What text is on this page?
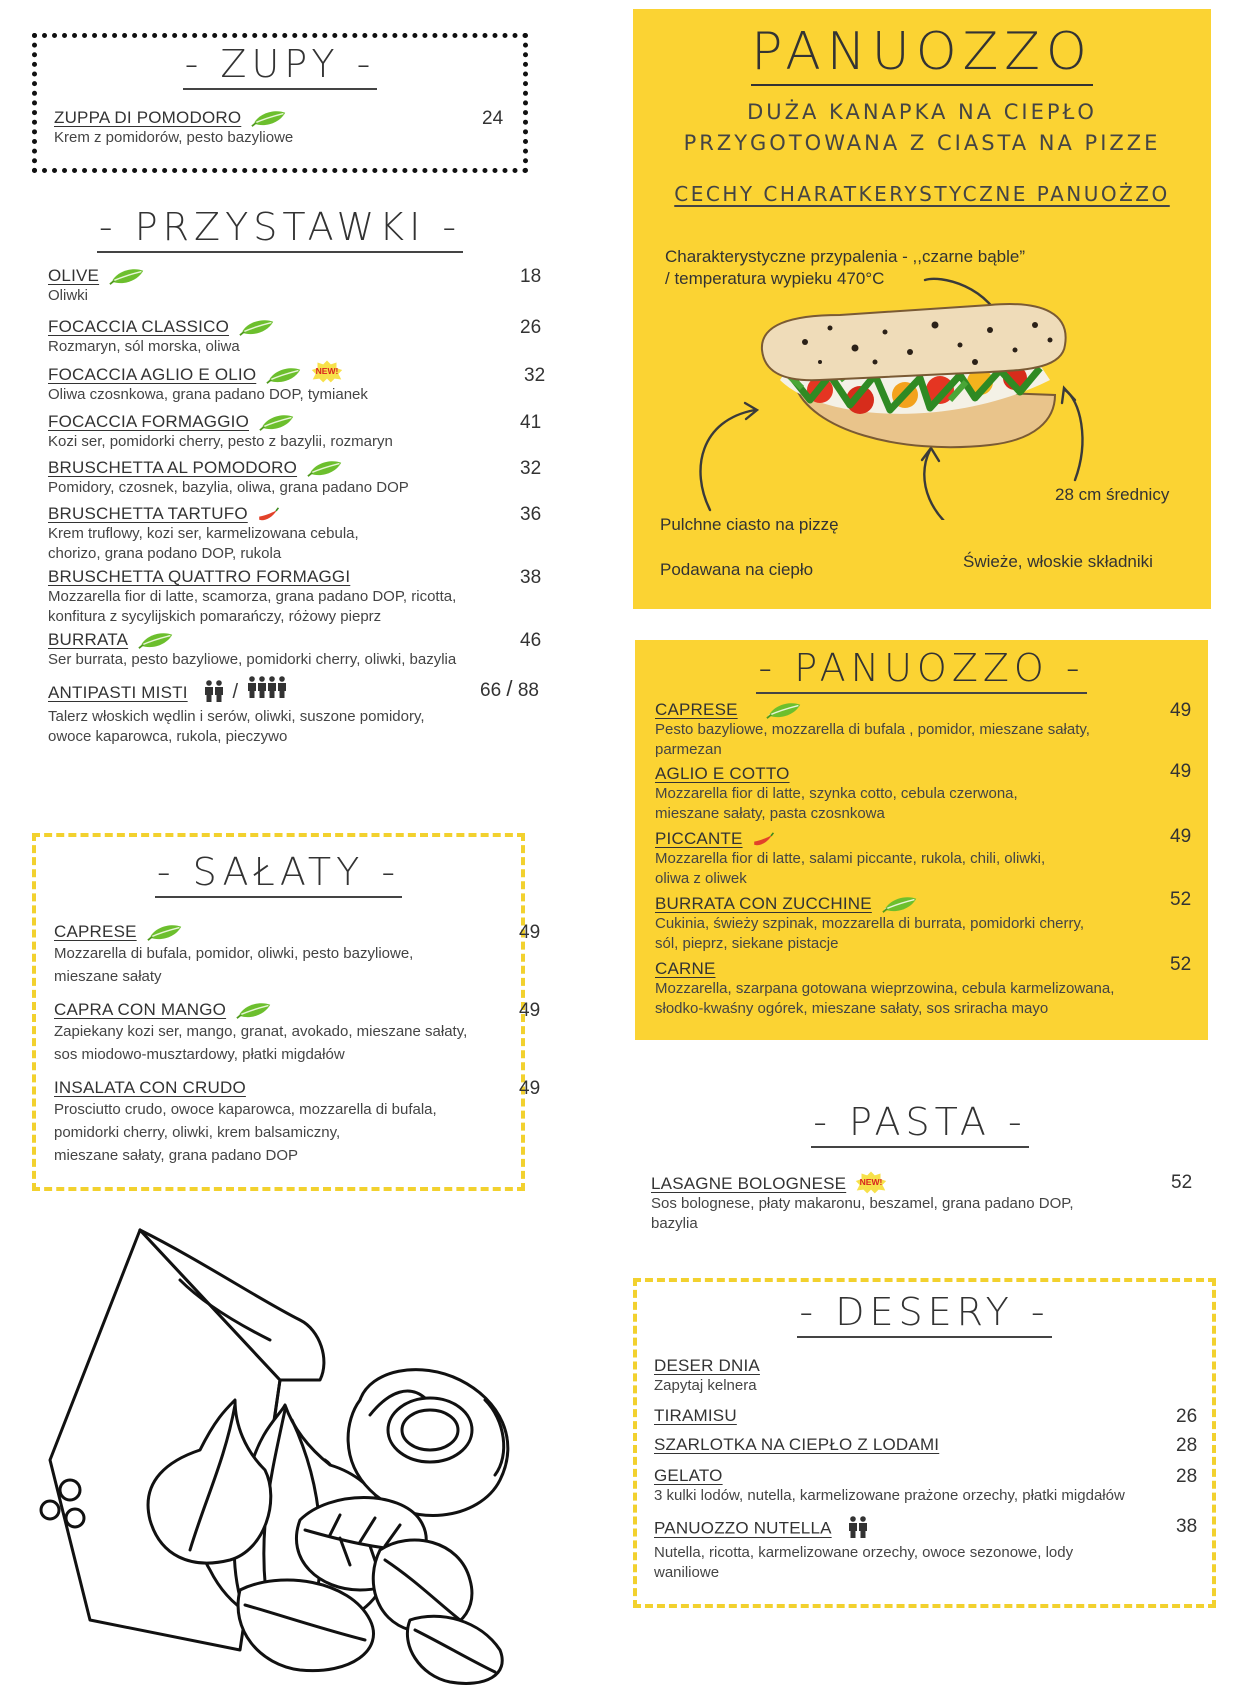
- ZUPY -
ZUPPA DI POMODORO
Krem z pomidorów, pesto bazyliowe
24
- PRZYSTAWKI -
OLIVE
Oliwki
18
FOCACCIA CLASSICO
Rozmaryn, sól morska, oliwa
26
FOCACCIA AGLIO E OLIO
Oliwa czosnkowa, grana padano DOP, tymianek
32
FOCACCIA FORMAGGIO
Kozi ser, pomidorki cherry, pesto z bazylii, rozmaryn
41
BRUSCHETTA AL POMODORO
Pomidory, czosnek, bazylia, oliwa, grana padano DOP
32
BRUSCHETTA TARTUFO
Krem truflowy, kozi ser, karmelizowana cebula,
chorizo, grana podano DOP, rukola
36
BRUSCHETTA QUATTRO FORMAGGI
Mozzarella fior di latte, scamorza, grana padano DOP, ricotta,
konfitura z sycylijskich pomarańczy, różowy pieprz
38
BURRATA
Ser burrata, pesto bazyliowe, pomidorki cherry, oliwki, bazylia
46
ANTIPASTI MISTI /
Talerz włoskich wędlin i serów, oliwki, suszone pomidory,
owoce kaparowca, rukola, pieczywo
66 / 88
- SAŁATY -
CAPRESE
Mozzarella di bufala, pomidor, oliwki, pesto bazyliowe,
mieszane sałaty
49
CAPRA CON MANGO
Zapiekany kozi ser, mango, granat, avokado, mieszane sałaty,
sos miodowo-musztardowy, płatki migdałów
49
INSALATA CON CRUDO
Prosciutto crudo, owoce kaparowca, mozzarella di bufala,
pomidorki cherry, oliwki, krem balsamiczny,
mieszane sałaty, grana padano DOP
49
PANUOZZO
DUŻA KANAPKA NA CIEPŁO
PRZYGOTOWANA Z CIASTA NA PIZZE
CECHY CHARATKERYSTYCZNE PANUOŻZO
Charakterystyczne przypalenia - ,,czarne bąble”
/ temperatura wypieku 470°C
28 cm średnicy
Pulchne ciasto na pizzę
Podawana na ciepło	Świeże, włoskie składniki
- PANUOZZO -
CAPRESE
Pesto bazyliowe, mozzarella di bufala , pomidor, mieszane sałaty,
parmezan
49
AGLIO E COTTO
Mozzarella fior di latte, szynka cotto, cebula czerwona,
mieszane sałaty, pasta czosnkowa
49
PICCANTE
Mozzarella fior di latte, salami piccante, rukola, chili, oliwki,
oliwa z oliwek
49
BURRATA CON ZUCCHINE
Cukinia, świeży szpinak, mozzarella di burrata, pomidorki cherry,
sól, pieprz, siekane pistacje
52
CARNE
Mozzarella, szarpana gotowana wieprzowina, cebula karmelizowana,
słodko-kwaśny ogórek, mieszane sałaty, sos sriracha mayo
52
- PASTA -
LASAGNE BOLOGNESE
Sos bolognese, płaty makaronu, beszamel, grana padano DOP,
bazylia
52
- DESERY -
DESER DNIA
Zapytaj kelnera
TIRAMISU	26
SZARLOTKA NA CIEPŁO Z LODAMI	28
GELATO
3 kulki lodów, nutella, karmelizowane prażone orzechy, płatki migdałów
28
PANUOZZO NUTELLA
Nutella, ricotta, karmelizowane orzechy, owoce sezonowe, lody
waniliowe
38
